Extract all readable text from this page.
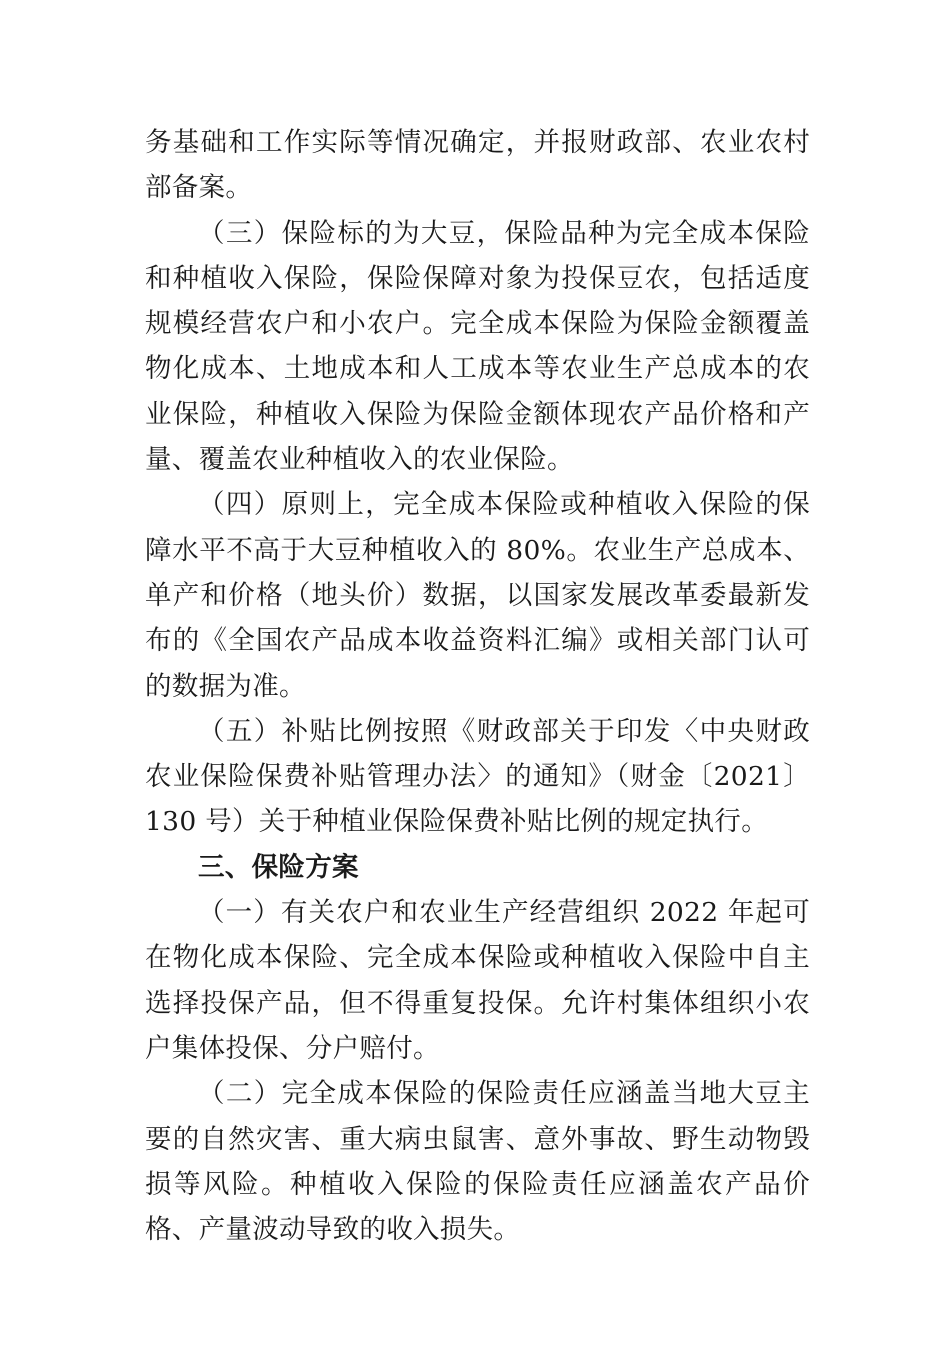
务基础和工作实际等情况确定，并报财政部、农业农村部备案。

（三）保险标的为大豆，保险品种为完全成本保险和种植收入保险，保险保障对象为投保豆农，包括适度规模经营农户和小农户。完全成本保险为保险金额覆盖物化成本、土地成本和人工成本等农业生产总成本的农业保险，种植收入保险为保险金额体现农产品价格和产量、覆盖农业种植收入的农业保险。

（四）原则上，完全成本保险或种植收入保险的保障水平不高于大豆种植收入的 80%。农业生产总成本、单产和价格（地头价）数据，以国家发展改革委最新发布的《全国农产品成本收益资料汇编》或相关部门认可的数据为准。

（五）补贴比例按照《财政部关于印发〈中央财政农业保险保费补贴管理办法〉的通知》（财金〔2021〕130 号）关于种植业保险保费补贴比例的规定执行。

三、保险方案

（一）有关农户和农业生产经营组织 2022 年起可在物化成本保险、完全成本保险或种植收入保险中自主选择投保产品，但不得重复投保。允许村集体组织小农户集体投保、分户赔付。

（二）完全成本保险的保险责任应涵盖当地大豆主要的自然灾害、重大病虫鼠害、意外事故、野生动物毁损等风险。种植收入保险的保险责任应涵盖农产品价格、产量波动导致的收入损失。
